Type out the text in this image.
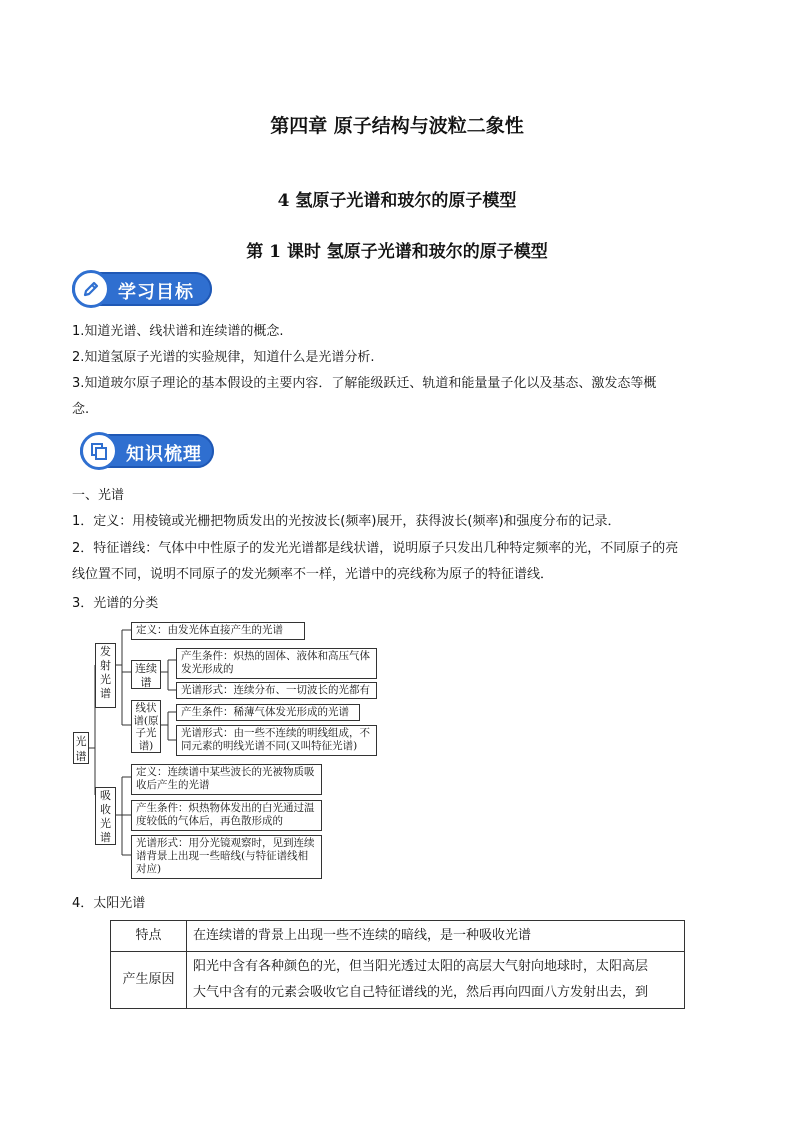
第四章 原子结构与波粒二象性
4 氢原子光谱和玻尔的原子模型
第 1 课时 氢原子光谱和玻尔的原子模型
学习目标
1.知道光谱、线状谱和连续谱的概念.
2.知道氢原子光谱的实验规律，知道什么是光谱分析.
3.知道玻尔原子理论的基本假设的主要内容．了解能级跃迁、轨道和能量量子化以及基态、激发态等概
念.
知识梳理
一、光谱
1．定义：用棱镜或光栅把物质发出的光按波长(频率)展开，获得波长(频率)和强度分布的记录．
2．特征谱线：气体中中性原子的发光光谱都是线状谱，说明原子只发出几种特定频率的光，不同原子的亮
线位置不同，说明不同原子的发光频率不一样，光谱中的亮线称为原子的特征谱线．
3．光谱的分类
光谱
发射光谱
定义：由发光体直接产生的光谱
连续谱
产生条件：炽热的固体、液体和高压气体发光形成的
光谱形式：连续分布、一切波长的光都有
线状谱(原子光谱)
产生条件：稀薄气体发光形成的光谱
光谱形式：由一些不连续的明线组成，不同元素的明线光谱不同(又叫特征光谱)
吸收光谱
定义：连续谱中某些波长的光被物质吸收后产生的光谱
产生条件：炽热物体发出的白光通过温度较低的气体后，再色散形成的
光谱形式：用分光镜观察时，见到连续谱背景上出现一些暗线(与特征谱线相对应)
4．太阳光谱
特点	在连续谱的背景上出现一些不连续的暗线，是一种吸收光谱
产生原因	阳光中含有各种颜色的光，但当阳光透过太阳的高层大气射向地球时，太阳高层
大气中含有的元素会吸收它自己特征谱线的光，然后再向四面八方发射出去，到
